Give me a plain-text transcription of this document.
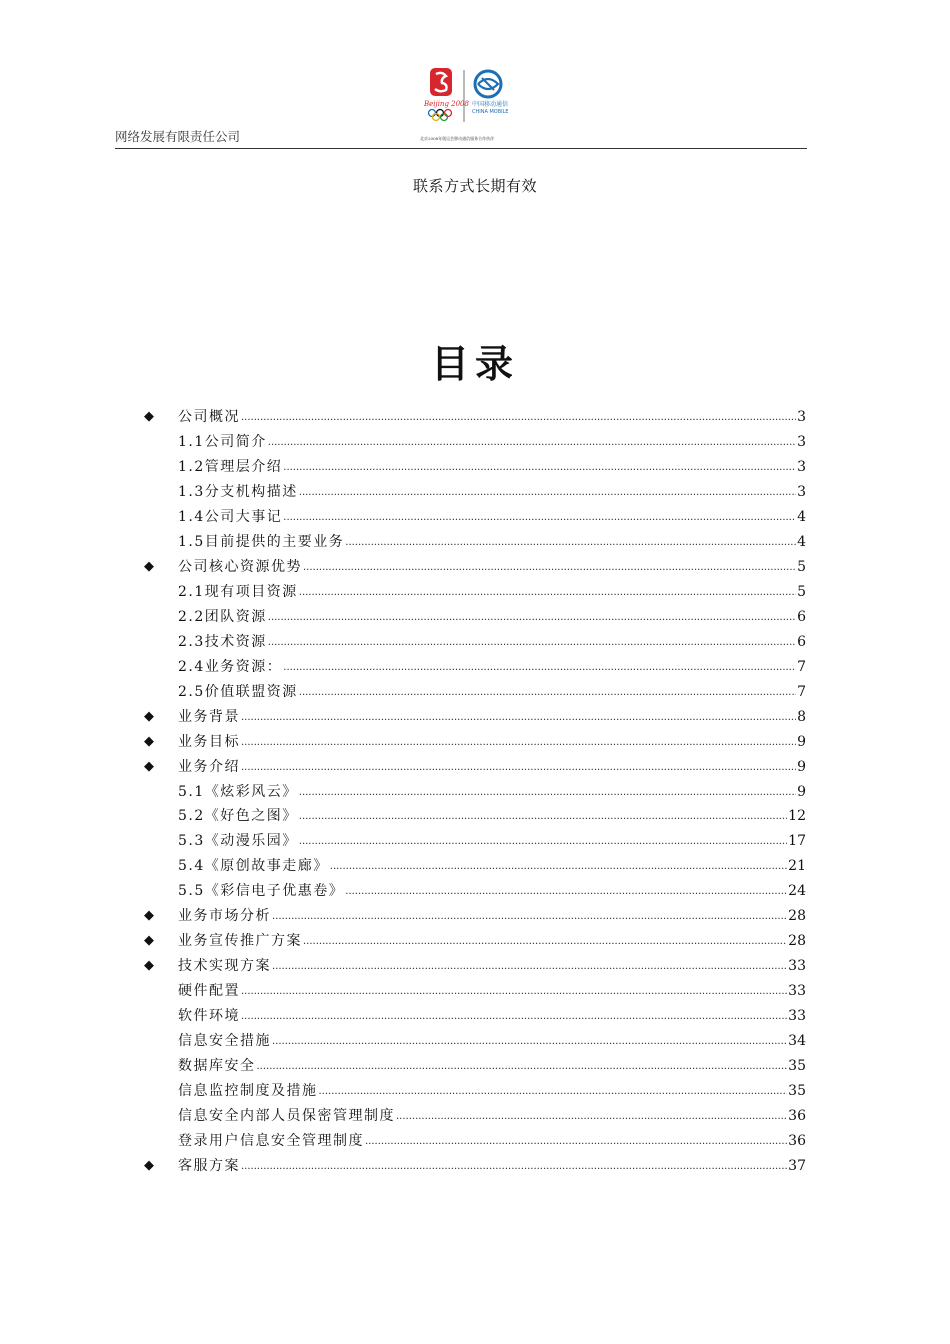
Beijing 2008 中国移动通信
CHINA MOBILE
北京2008年奥运会移动通信服务合作伙伴
网络发展有限责任公司
联系方式长期有效
目录
◆	公司概况 .....	3
1.1公司简介 .....	3
1.2管理层介绍 .....	3
1.3分支机构描述 .....	3
1.4公司大事记 .....	4
1.5目前提供的主要业务 .....	4
◆	公司核心资源优势 .....	5
2.1现有项目资源 .....	5
2.2团队资源 .....	6
2.3技术资源 .....	6
2.4业务资源： .....	7
2.5价值联盟资源 .....	7
◆	业务背景 .....	8
◆	业务目标 .....	9
◆	业务介绍 .....	9
5.1《炫彩风云》 .....	9
5.2《好色之图》 .....	12
5.3《动漫乐园》 .....	17
5.4《原创故事走廊》 .....	21
5.5《彩信电子优惠卷》 .....	24
◆	业务市场分析 .....	28
◆	业务宣传推广方案 .....	28
◆	技术实现方案 .....	33
硬件配置 .....	33
软件环境 .....	33
信息安全措施 .....	34
数据库安全 .....	35
信息监控制度及措施 .....	35
信息安全内部人员保密管理制度 .....	36
登录用户信息安全管理制度 .....	36
◆	客服方案 .....	37
